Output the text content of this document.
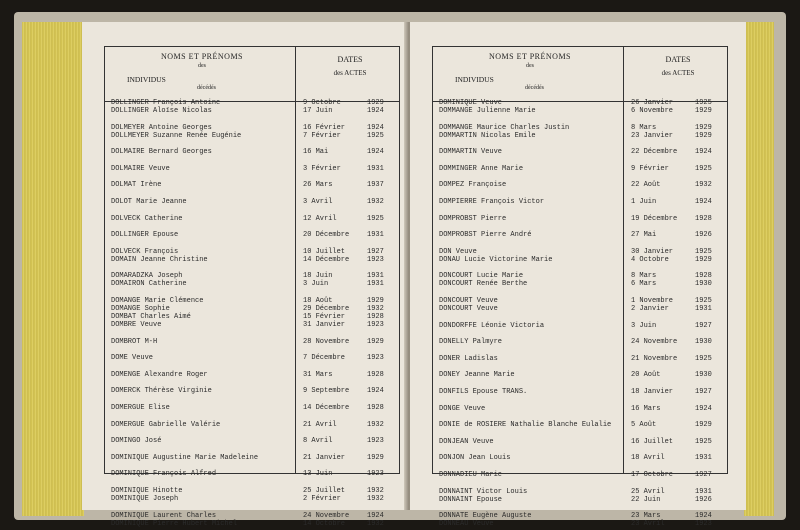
NOMS ET PRÉNOMS
des
INDIVIDUS
décédés
DATES
des ACTES
DOLLINGER François Antoine	9 Octobre	1929
DOLLINGER Aloïse Nicolas	17 Juin	1924
DOLMEYER Antoine Georges	16 Février	1924
DOLLMEYER Suzanne Renée Eugénie	7 Février	1925
DOLMAIRE Bernard Georges	16 Mai	1924
DOLMAIRE Veuve	3 Février	1931
DOLMAT Irène	26 Mars	1937
DOLOT Marie Jeanne	3 Avril	1932
DOLVECK Catherine	12 Avril	1925
DOLLINGER Epouse	20 Décembre	1931
DOLVECK François	10 Juillet	1927
DOMAIN Jeanne Christine	14 Décembre	1923
DOMARADZKA Joseph	18 Juin	1931
DOMAIRON Catherine	3 Juin	1931
DOMANGE Marie Clémence	18 Août	1929
DOMANGE Sophie	29 Décembre	1932
DOMBAT Charles Aimé	15 Février	1928
DOMBRE Veuve	31 Janvier	1923
DOMBROT M-H	28 Novembre	1929
DOME Veuve	7 Décembre	1923
DOMENGE Alexandre Roger	31 Mars	1928
DOMERCK Thérèse Virginie	9 Septembre	1924
DOMERGUE Elise	14 Décembre	1928
DOMERGUE Gabrielle Valérie	21 Avril	1932
DOMINGO José	8 Avril	1923
DOMINIQUE Augustine Marie Madeleine	21 Janvier	1929
DOMINIQUE François Alfred	13 Juin	1923
DOMINIQUE Hinotte	25 Juillet	1932
DOMINIQUE Joseph	2 Février	1932
DOMINIQUE Laurent Charles	24 Novembre	1924
DOMINIQUE Pierre Hubert Michel	14 Octobre	1932
NOMS ET PRÉNOMS
des
INDIVIDUS
décédés
DATES
des ACTES
DOMINIQUE Veuve	26 Janvier	1925
DOMMANGE Julienne Marie	6 Novembre	1929
DOMMANGE Maurice Charles Justin	8 Mars	1929
DOMMARTIN Nicolas Emile	23 Janvier	1929
DOMMARTIN Veuve	22 Décembre	1924
DOMMINGER Anne Marie	9 Février	1925
DOMPEZ Françoise	22 Août	1932
DOMPIERRE François Victor	1 Juin	1924
DOMPROBST Pierre	19 Décembre	1928
DOMPROBST Pierre André	27 Mai	1926
DON Veuve	30 Janvier	1925
DONAU Lucie Victorine Marie	4 Octobre	1929
DONCOURT Lucie Marie	8 Mars	1928
DONCOURT Renée Berthe	6 Mars	1930
DONCOURT Veuve	1 Novembre	1925
DONCOURT Veuve	2 Janvier	1931
DONDORFFE Léonie Victoria	3 Juin	1927
DONELLY Palmyre	24 Novembre	1930
DONER Ladislas	21 Novembre	1925
DONEY Jeanne Marie	20 Août	1930
DONFILS Epouse TRANS.	18 Janvier	1927
DONGE Veuve	16 Mars	1924
DONIE de ROSIERE Nathalie Blanche Eulalie	5 Août	1929
DONJEAN Veuve	16 Juillet	1925
DONJON Jean Louis	18 Avril	1931
DONNADIEU Marie	17 Octobre	1927
DONNAINT Victor Louis	25 Avril	1931
DONNAINT Epouse	22 Juin	1926
DONNATE Eugène Auguste	23 Mars	1924
DONNEAU Veuve	23 Avril	1923
